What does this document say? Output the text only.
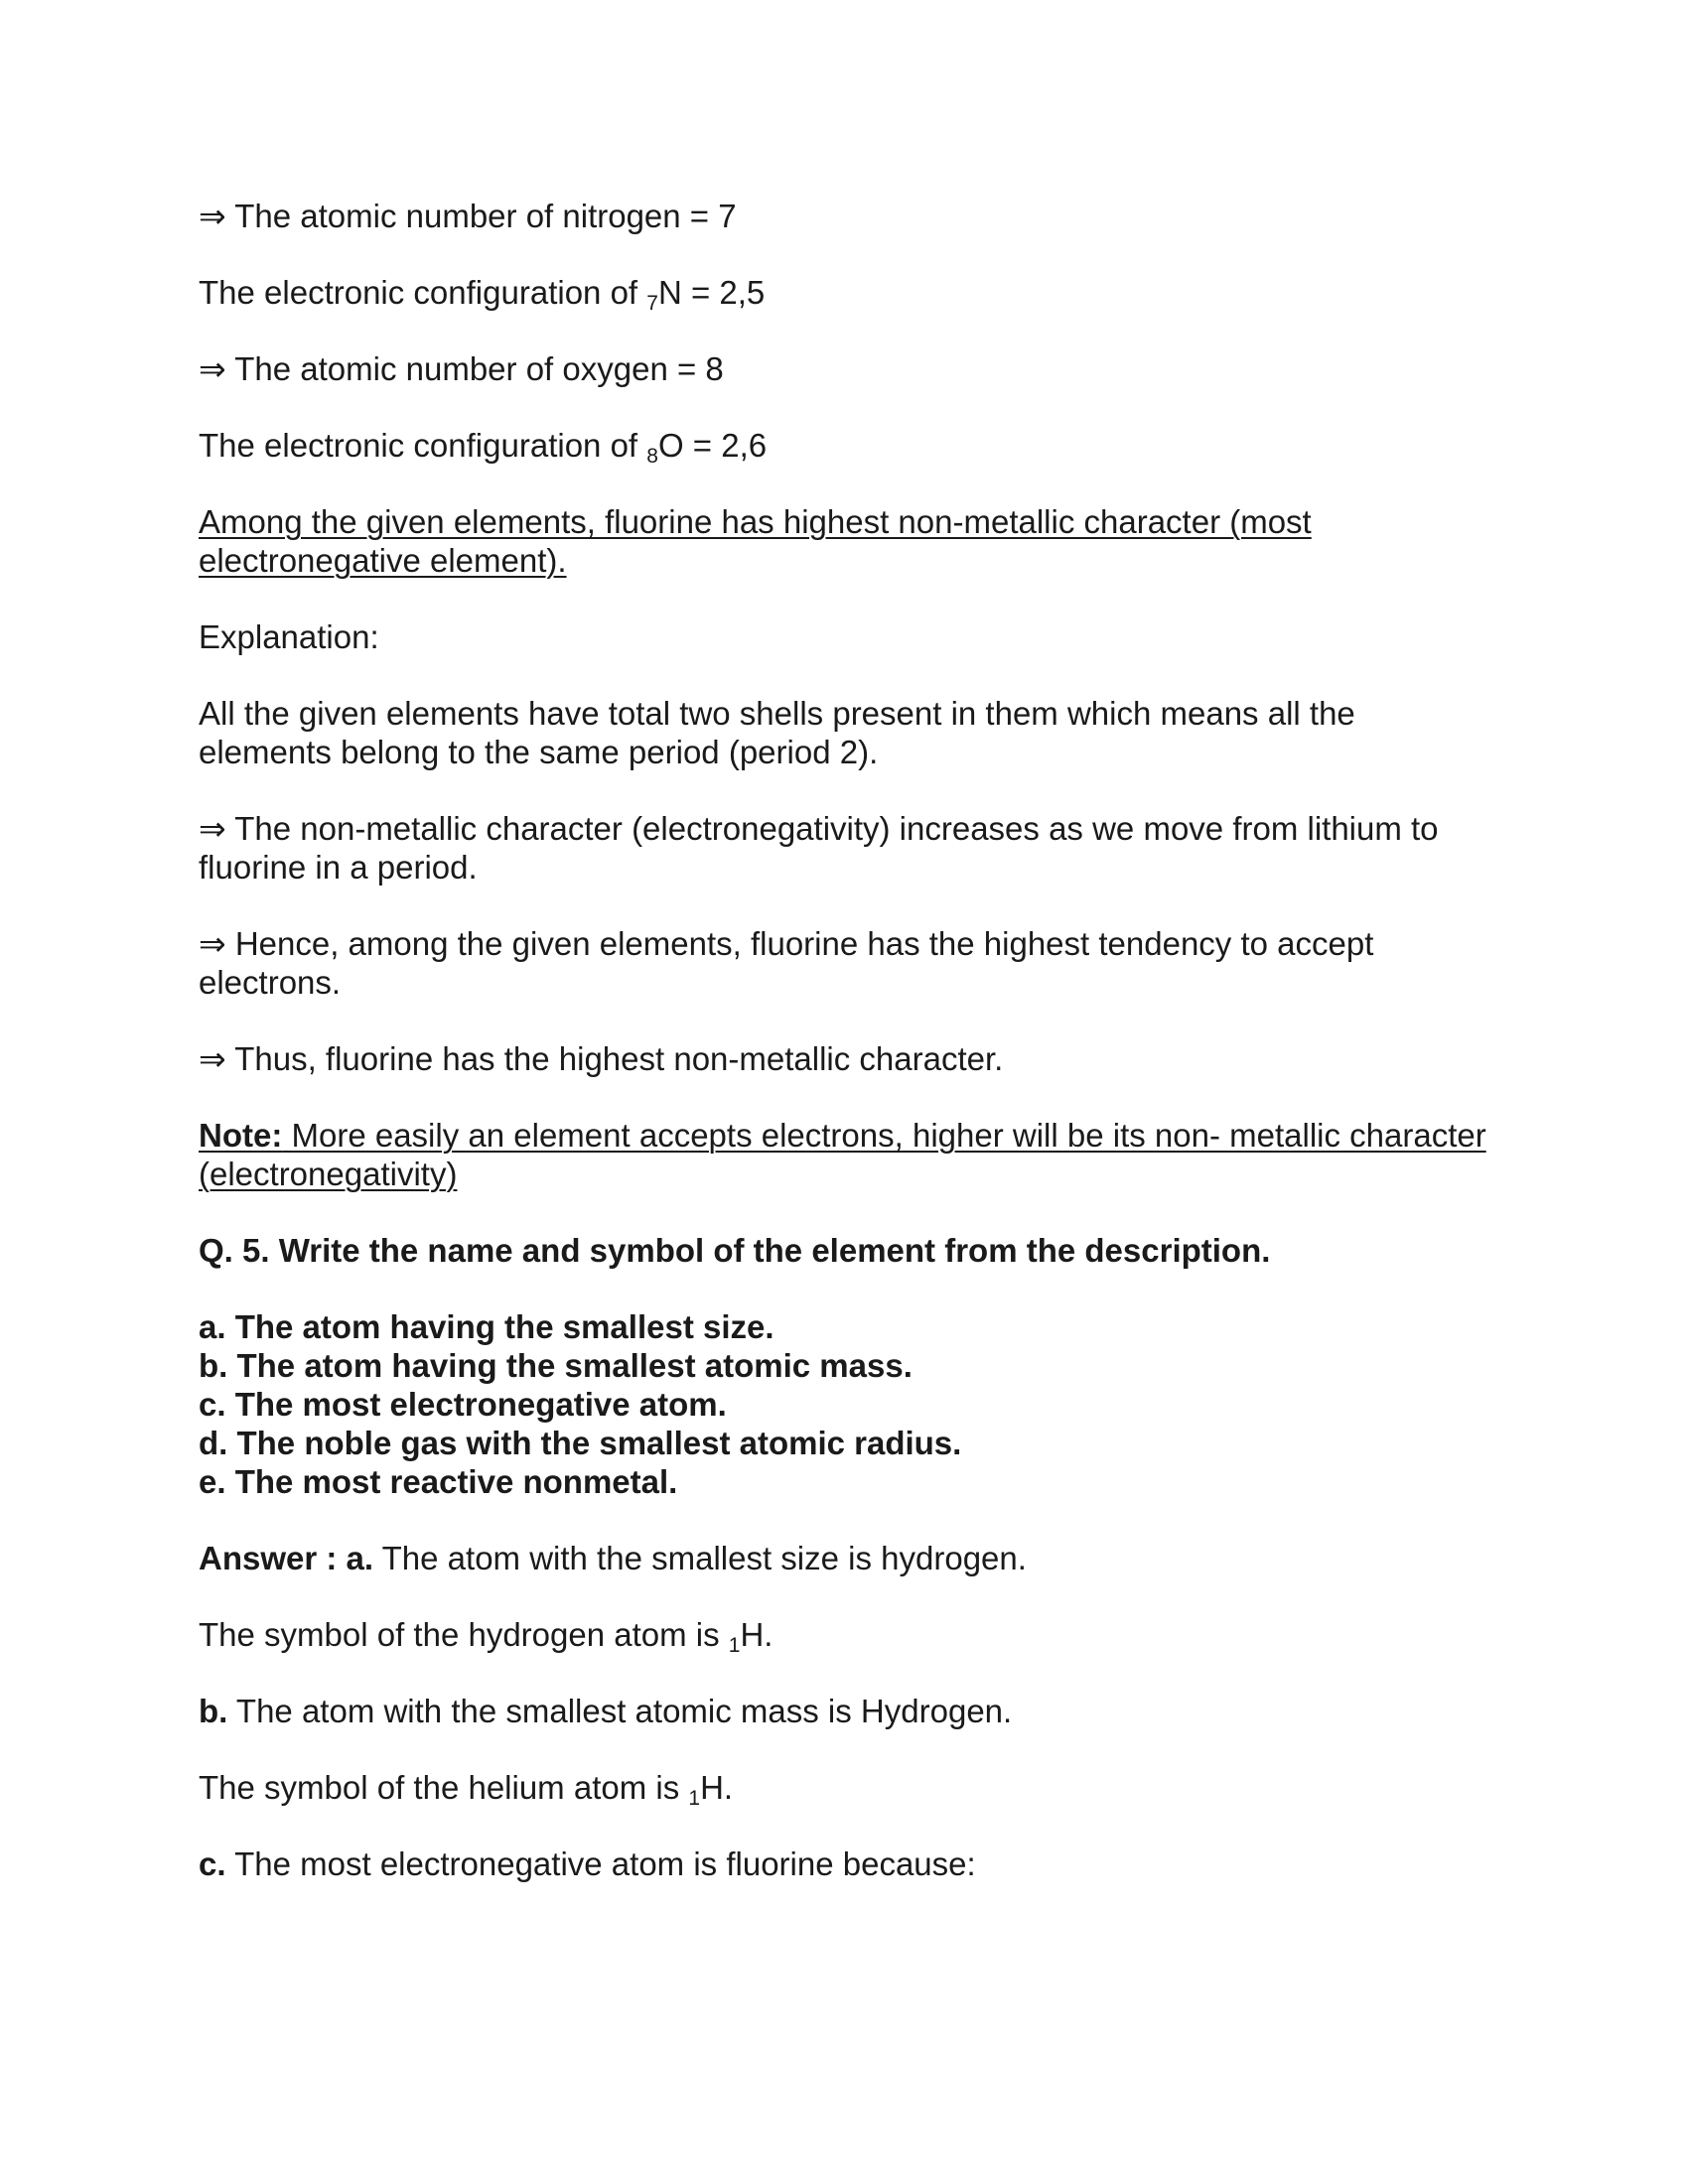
⇒ The atomic number of nitrogen = 7

The electronic configuration of $_7$N = 2,5

⇒ The atomic number of oxygen = 8

The electronic configuration of $_8$O = 2,6

Among the given elements, fluorine has highest non-metallic character (most electronegative element).

Explanation:

All the given elements have total two shells present in them which means all the elements belong to the same period (period 2).

⇒ The non-metallic character (electronegativity) increases as we move from lithium to fluorine in a period.

⇒ Hence, among the given elements, fluorine has the highest tendency to accept electrons.

⇒ Thus, fluorine has the highest non-metallic character.

Note: More easily an element accepts electrons, higher will be its non- metallic character (electronegativity)

Q. 5. Write the name and symbol of the element from the description.

a. The atom having the smallest size.
b. The atom having the smallest atomic mass.
c. The most electronegative atom.
d. The noble gas with the smallest atomic radius.
e. The most reactive nonmetal.

Answer : a. The atom with the smallest size is hydrogen.

The symbol of the hydrogen atom is $_1$H.

b. The atom with the smallest atomic mass is Hydrogen.

The symbol of the helium atom is $_1$H.

c. The most electronegative atom is fluorine because:
